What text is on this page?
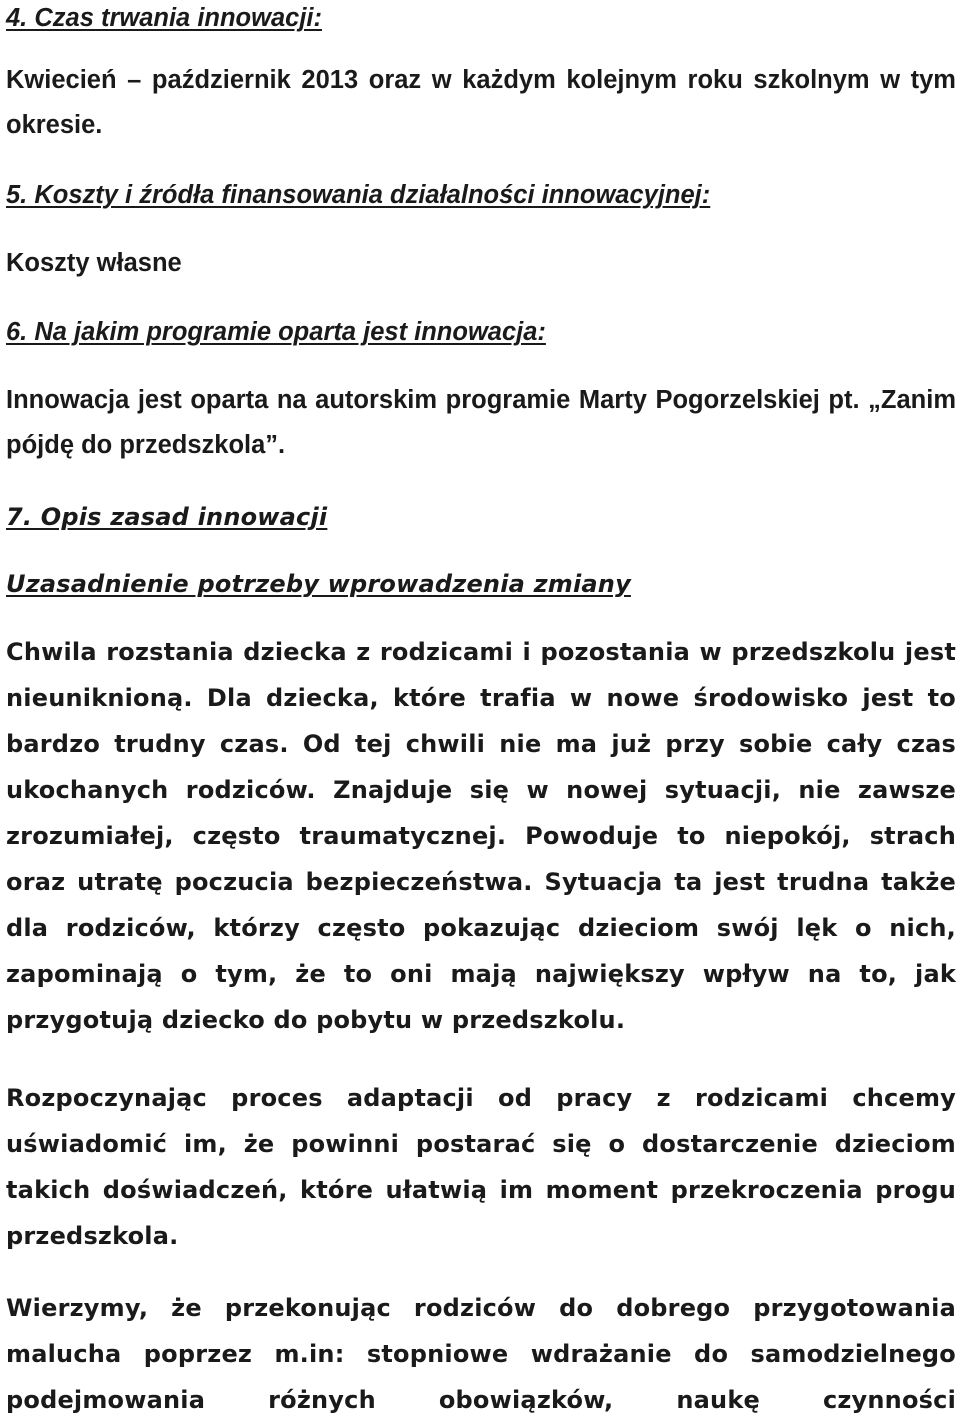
4. Czas trwania innowacji:

Kwiecień – październik 2013 oraz w każdym kolejnym roku szkolnym w tym okresie.

5. Koszty i źródła finansowania działalności innowacyjnej:

Koszty własne

6. Na jakim programie oparta jest innowacja:

Innowacja jest oparta na autorskim programie Marty Pogorzelskiej pt. „Zanim pójdę do przedszkola”.

7. Opis zasad innowacji

Uzasadnienie potrzeby wprowadzenia zmiany

Chwila rozstania dziecka z rodzicami i pozostania w przedszkolu jest nieuniknioną. Dla dziecka, które trafia w nowe środowisko jest to bardzo trudny czas. Od tej chwili nie ma już przy sobie cały czas ukochanych rodziców. Znajduje się w nowej sytuacji, nie zawsze zrozumiałej, często traumatycznej. Powoduje to niepokój, strach oraz utratę poczucia bezpieczeństwa. Sytuacja ta jest trudna także dla rodziców, którzy często pokazując dzieciom swój lęk o nich, zapominają o tym, że to oni mają największy wpływ na to, jak przygotują dziecko do pobytu w przedszkolu.

Rozpoczynając proces adaptacji od pracy z rodzicami chcemy uświadomić im, że powinni postarać się o dostarczenie dzieciom takich doświadczeń, które ułatwią im moment przekroczenia progu przedszkola.

Wierzymy, że przekonując rodziców do dobrego przygotowania malucha poprzez m.in: stopniowe wdrażanie do samodzielnego podejmowania różnych obowiązków, naukę czynności
